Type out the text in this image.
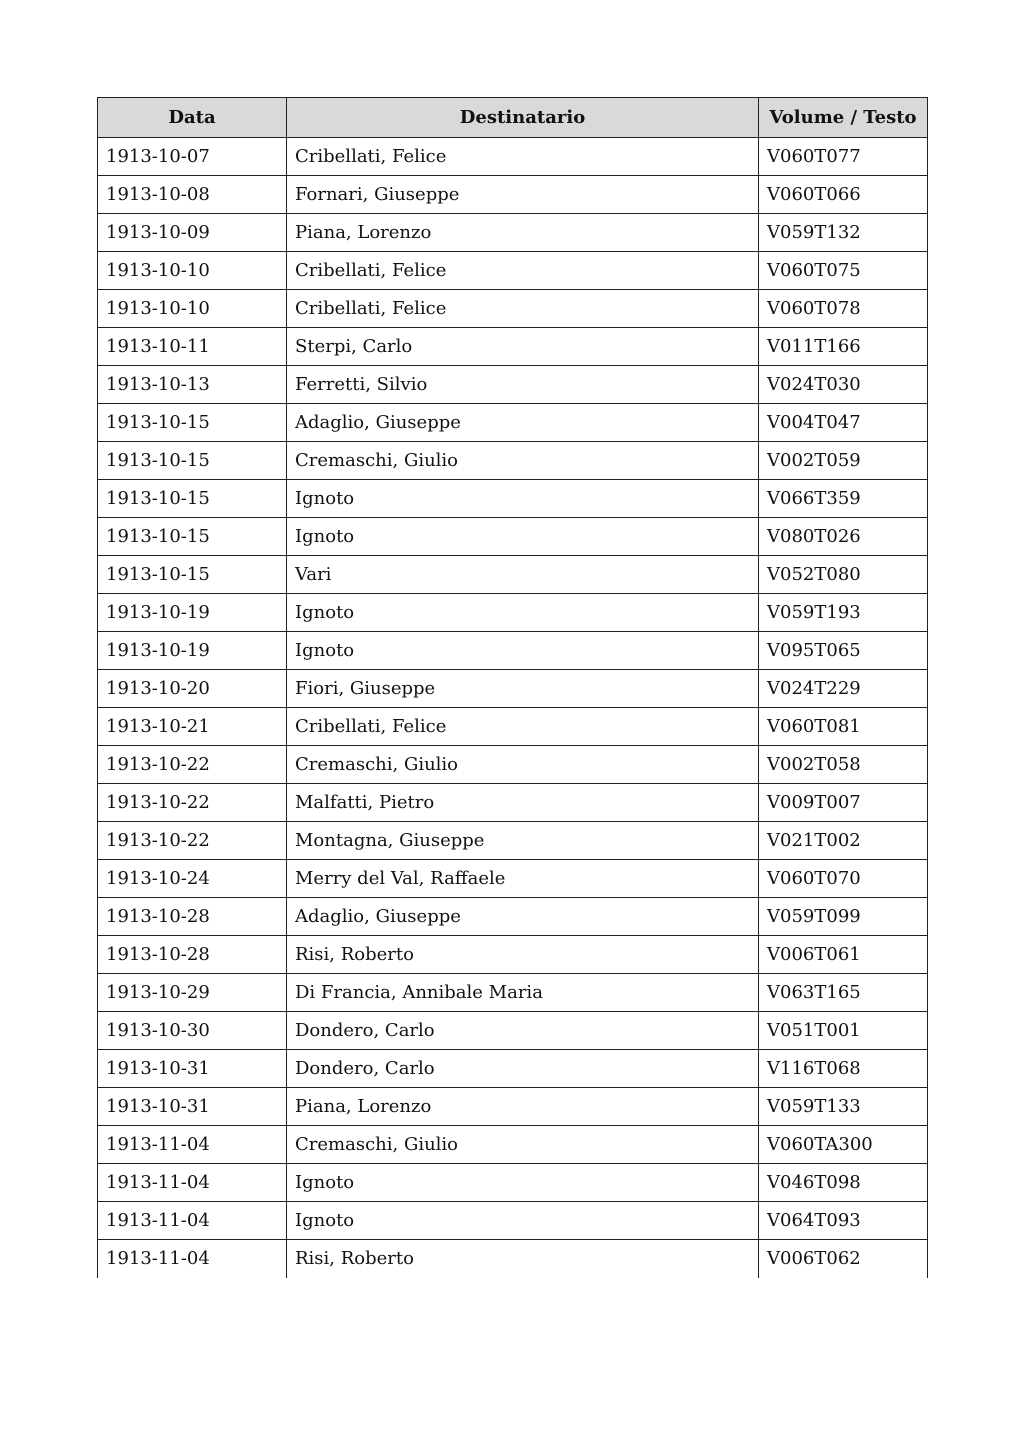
Data	Destinatario	Volume / Testo
1913-10-07	Cribellati, Felice	V060T077
1913-10-08	Fornari, Giuseppe	V060T066
1913-10-09	Piana, Lorenzo	V059T132
1913-10-10	Cribellati, Felice	V060T075
1913-10-10	Cribellati, Felice	V060T078
1913-10-11	Sterpi, Carlo	V011T166
1913-10-13	Ferretti, Silvio	V024T030
1913-10-15	Adaglio, Giuseppe	V004T047
1913-10-15	Cremaschi, Giulio	V002T059
1913-10-15	Ignoto	V066T359
1913-10-15	Ignoto	V080T026
1913-10-15	Vari	V052T080
1913-10-19	Ignoto	V059T193
1913-10-19	Ignoto	V095T065
1913-10-20	Fiori, Giuseppe	V024T229
1913-10-21	Cribellati, Felice	V060T081
1913-10-22	Cremaschi, Giulio	V002T058
1913-10-22	Malfatti, Pietro	V009T007
1913-10-22	Montagna, Giuseppe	V021T002
1913-10-24	Merry del Val, Raffaele	V060T070
1913-10-28	Adaglio, Giuseppe	V059T099
1913-10-28	Risi, Roberto	V006T061
1913-10-29	Di Francia, Annibale Maria	V063T165
1913-10-30	Dondero, Carlo	V051T001
1913-10-31	Dondero, Carlo	V116T068
1913-10-31	Piana, Lorenzo	V059T133
1913-11-04	Cremaschi, Giulio	V060TA300
1913-11-04	Ignoto	V046T098
1913-11-04	Ignoto	V064T093
1913-11-04	Risi, Roberto	V006T062
